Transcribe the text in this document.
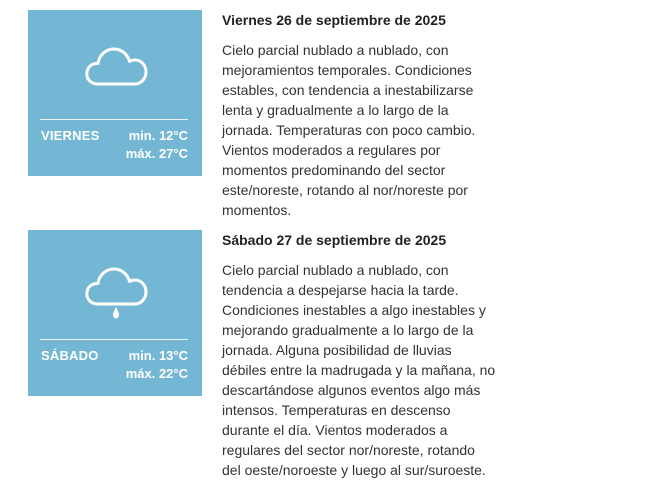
VIERNES min. 12°C
máx. 27°C
Viernes 26 de septiembre de 2025

Cielo parcial nublado a nublado, con
mejoramientos temporales. Condiciones
estables, con tendencia a inestabilizarse
lenta y gradualmente a lo largo de la
jornada. Temperaturas con poco cambio.
Vientos moderados a regulares por
momentos predominando del sector
este/noreste, rotando al nor/noreste por
momentos.

SÁBADO min. 13°C
máx. 22°C
Sábado 27 de septiembre de 2025

Cielo parcial nublado a nublado, con
tendencia a despejarse hacia la tarde.
Condiciones inestables a algo inestables y
mejorando gradualmente a lo largo de la
jornada. Alguna posibilidad de lluvias
débiles entre la madrugada y la mañana, no
descartándose algunos eventos algo más
intensos. Temperaturas en descenso
durante el día. Vientos moderados a
regulares del sector nor/noreste, rotando
del oeste/noroeste y luego al sur/suroeste.
